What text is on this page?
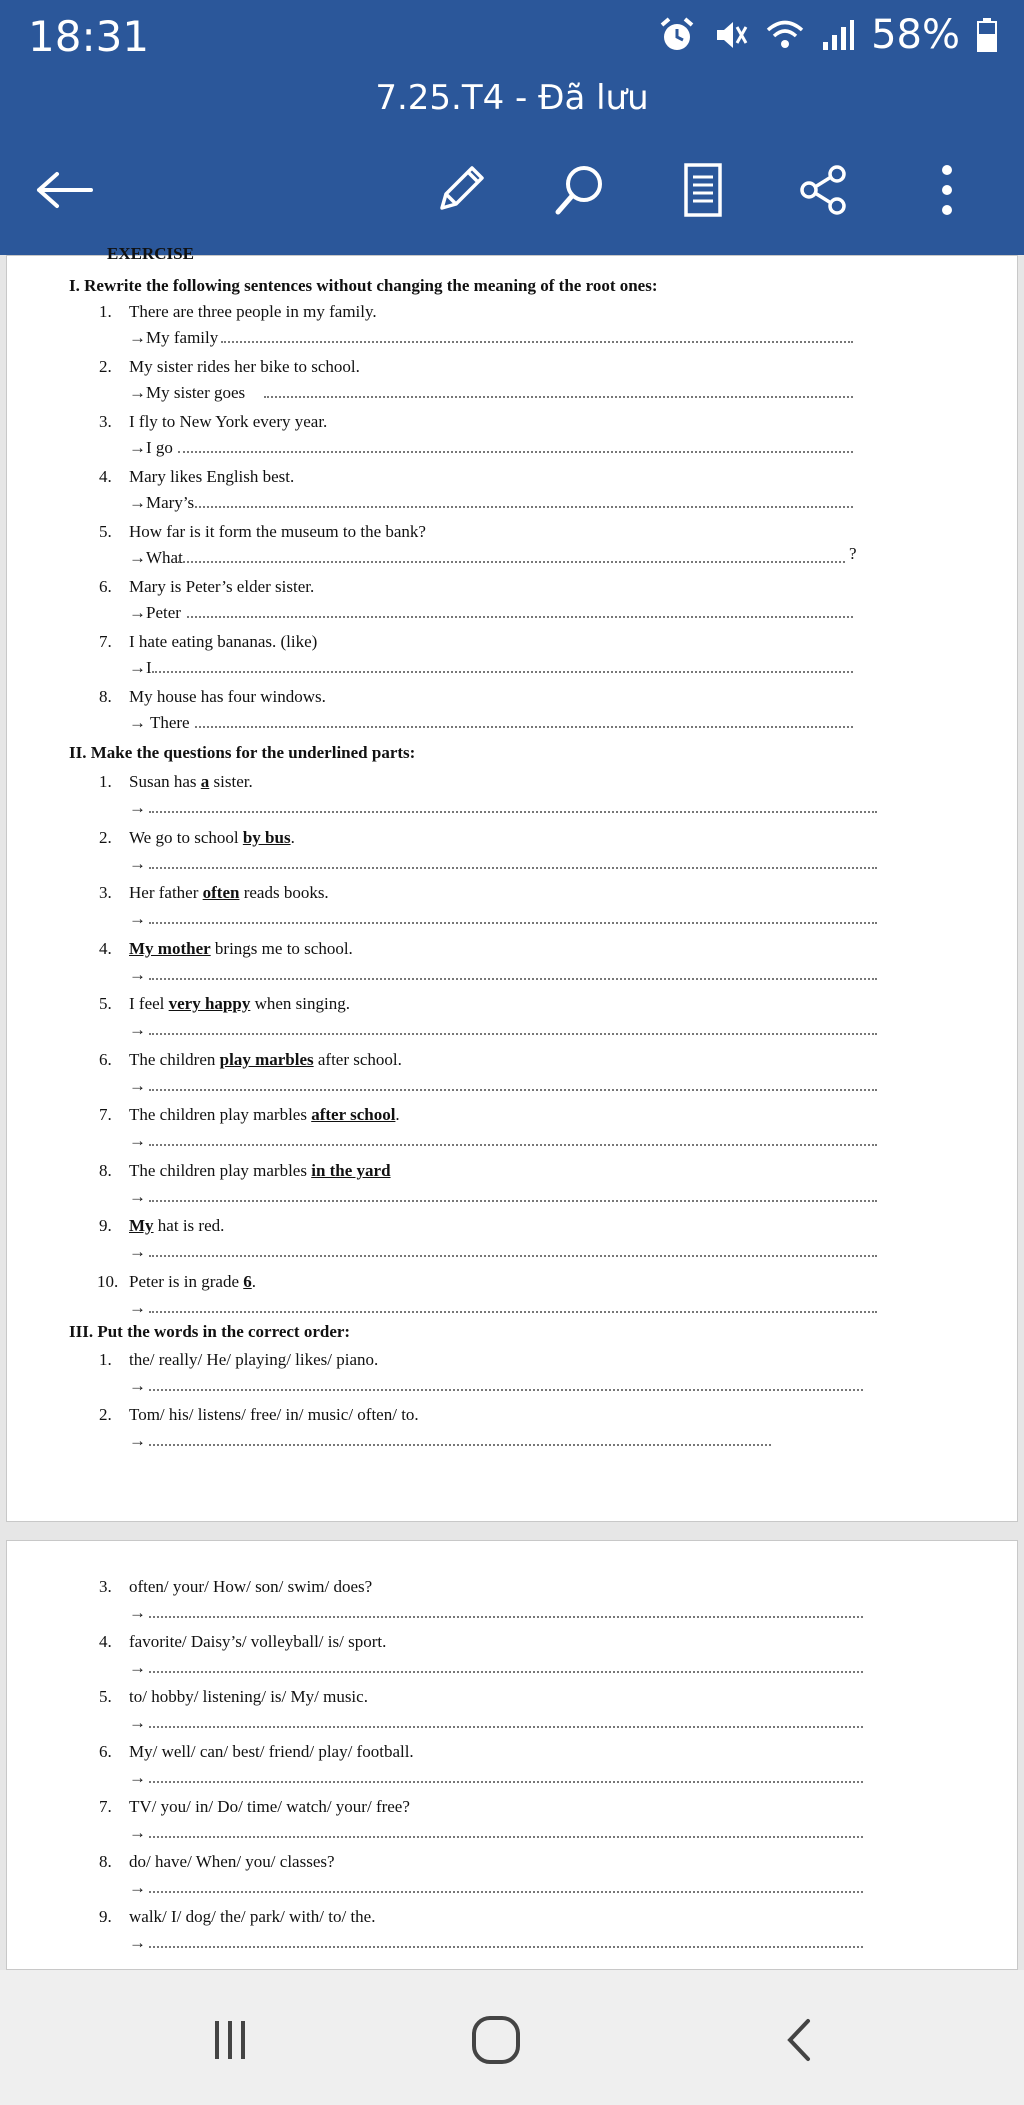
18:31	58%
7.25.T4 - Đã lưu
EXERCISE
I. Rewrite the following sentences without changing the meaning of the root ones:
1. There are three people in my family.
→My family
2. My sister rides her bike to school.
→My sister goes
3. I fly to New York every year.
→I go
4. Mary likes English best.
→Mary’s
5. How far is it form the museum to the bank?
→What	?
6. Mary is Peter’s elder sister.
→Peter
7. I hate eating bananas. (like)
→I
8. My house has four windows.
→ There
II. Make the questions for the underlined parts:
1. Susan has a sister.
→
2. We go to school by bus.
→
3. Her father often reads books.
→
4. My mother brings me to school.
→
5. I feel very happy when singing.
→
6. The children play marbles after school.
→
7. The children play marbles after school.
→
8. The children play marbles in the yard
→
9. My hat is red.
→
10. Peter is in grade 6.
→
III. Put the words in the correct order:
1. the/ really/ He/ playing/ likes/ piano.
→
2. Tom/ his/ listens/ free/ in/ music/ often/ to.
→
3. often/ your/ How/ son/ swim/ does?
→
4. favorite/ Daisy’s/ volleyball/ is/ sport.
→
5. to/ hobby/ listening/ is/ My/ music.
→
6. My/ well/ can/ best/ friend/ play/ football.
→
7. TV/ you/ in/ Do/ time/ watch/ your/ free?
→
8. do/ have/ When/ you/ classes?
→
9. walk/ I/ dog/ the/ park/ with/ to/ the.
→
